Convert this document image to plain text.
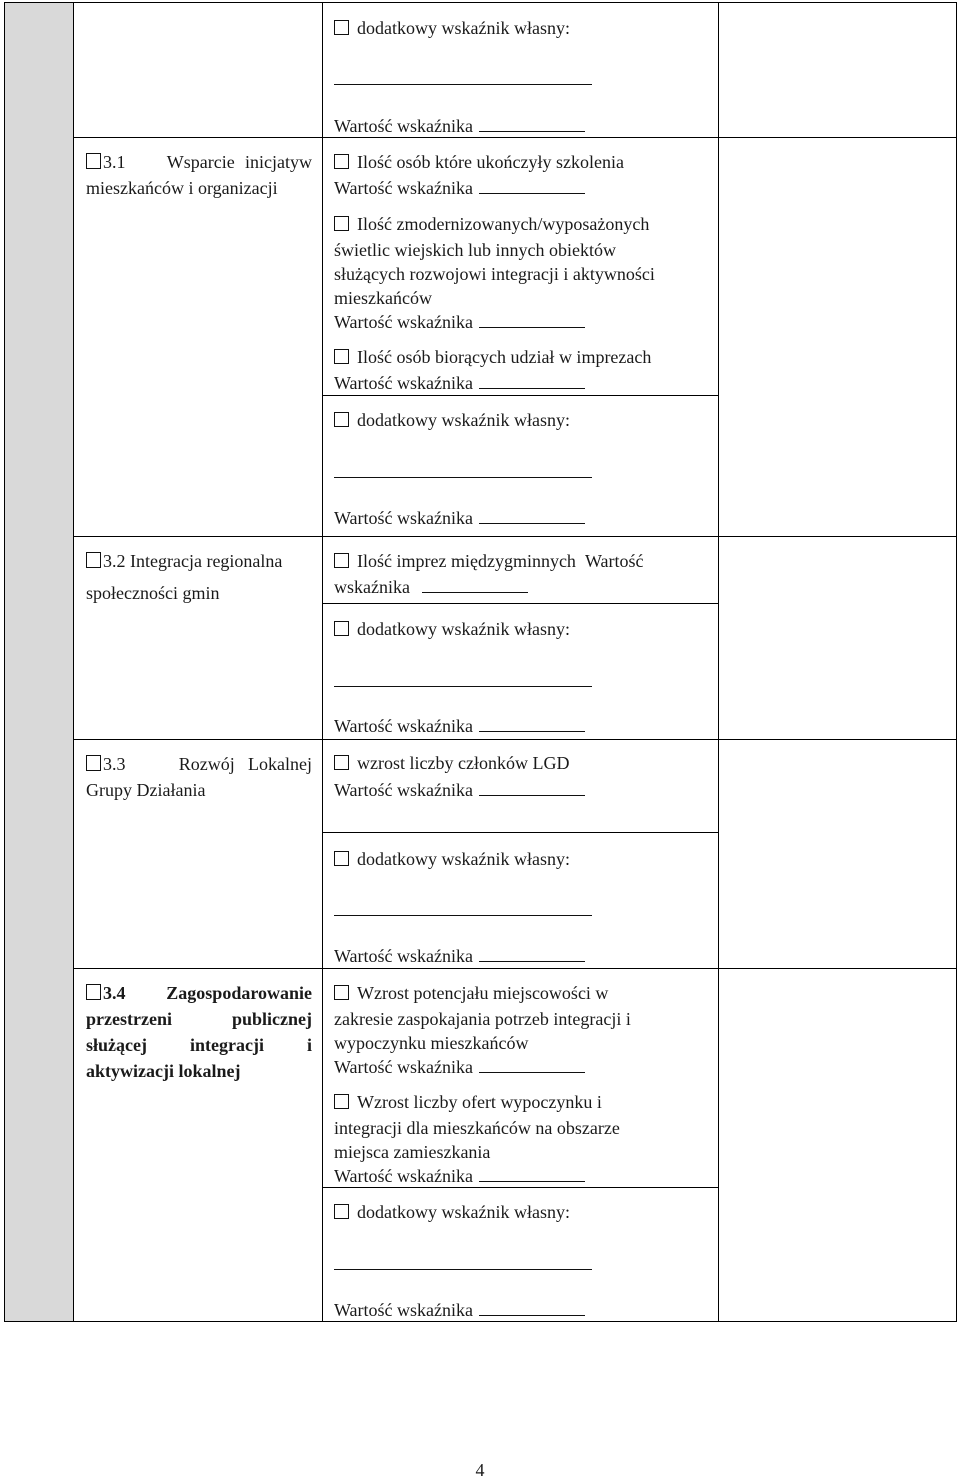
dodatkowy wskaźnik własny:
Wartość wskaźnika
3.1 Wsparcie inicjatyw
mieszkańców i organizacji
Ilość osób które ukończyły szkolenia
Wartość wskaźnika
Ilość zmodernizowanych/wyposażonych
świetlic wiejskich lub innych obiektów
służących rozwojowi integracji i aktywności
mieszkańców
Wartość wskaźnika
Ilość osób biorących udział w imprezach
Wartość wskaźnika
dodatkowy wskaźnik własny:
Wartość wskaźnika
3.2 Integracja regionalna
społeczności gmin
Ilość imprez międzygminnych Wartość
wskaźnika
dodatkowy wskaźnik własny:
Wartość wskaźnika
3.3	Rozwój Lokalnej
Grupy Działania
wzrost liczby członków LGD
Wartość wskaźnika
dodatkowy wskaźnik własny:
Wartość wskaźnika
3.4 Zagospodarowanie
przestrzeni publicznej
służącej integracji i
aktywizacji lokalnej
Wzrost potencjału miejscowości w
zakresie zaspokajania potrzeb integracji i
wypoczynku mieszkańców
Wartość wskaźnika
Wzrost liczby ofert wypoczynku i
integracji dla mieszkańców na obszarze
miejsca zamieszkania
Wartość wskaźnika
dodatkowy wskaźnik własny:
Wartość wskaźnika
4
